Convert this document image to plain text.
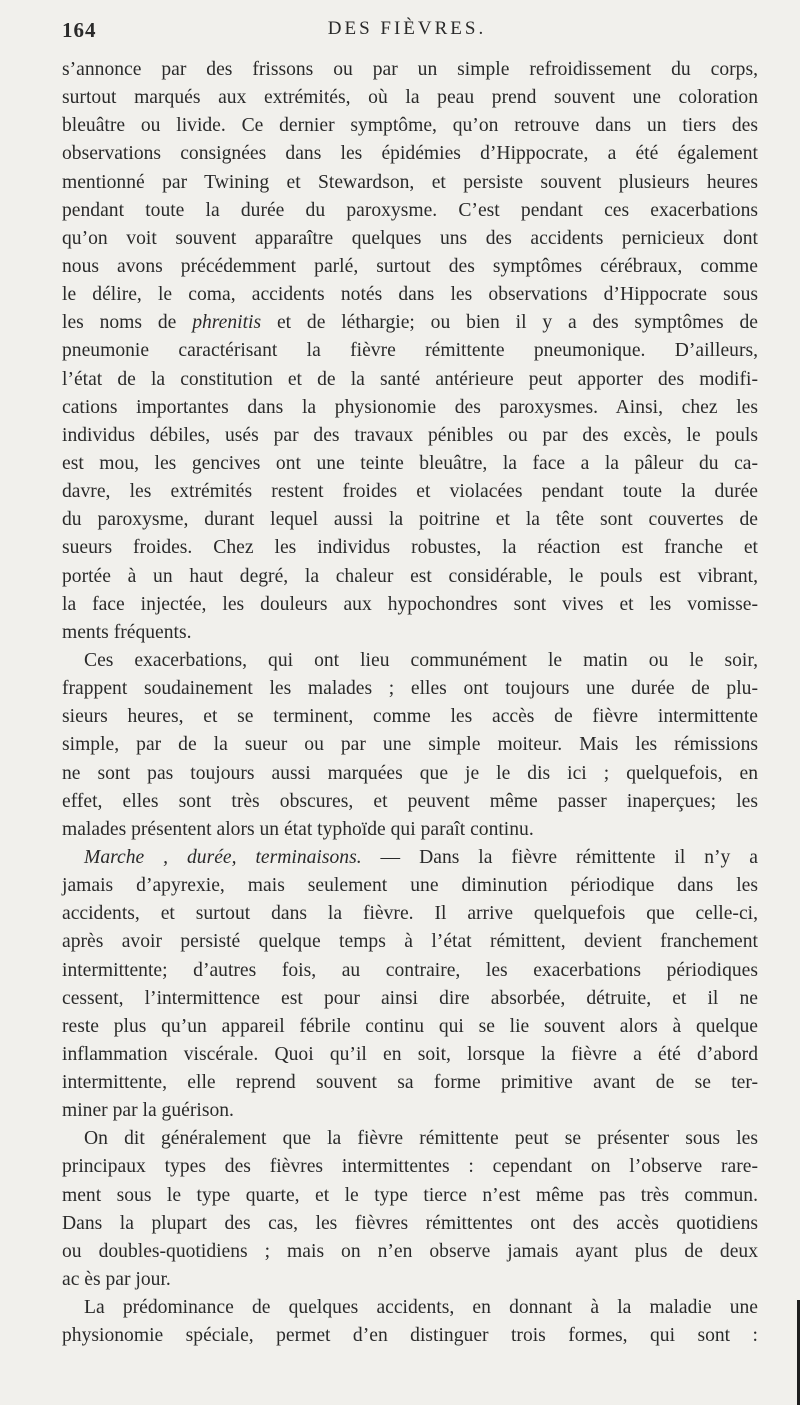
164	DES FIÈVRES.
s’annonce par des frissons ou par un simple refroidissement du corps,
surtout marqués aux extrémités, où la peau prend souvent une coloration
bleuâtre ou livide. Ce dernier symptôme, qu’on retrouve dans un tiers des
observations consignées dans les épidémies d’Hippocrate, a été également
mentionné par Twining et Stewardson, et persiste souvent plusieurs heures
pendant toute la durée du paroxysme. C’est pendant ces exacerbations
qu’on voit souvent apparaître quelques uns des accidents pernicieux dont
nous avons précédemment parlé, surtout des symptômes cérébraux, comme
le délire, le coma, accidents notés dans les observations d’Hippocrate sous
les noms de phrenitis et de léthargie; ou bien il y a des symptômes de
pneumonie caractérisant la fièvre rémittente pneumonique. D’ailleurs,
l’état de la constitution et de la santé antérieure peut apporter des modifi-
cations importantes dans la physionomie des paroxysmes. Ainsi, chez les
individus débiles, usés par des travaux pénibles ou par des excès, le pouls
est mou, les gencives ont une teinte bleuâtre, la face a la pâleur du ca-
davre, les extrémités restent froides et violacées pendant toute la durée
du paroxysme, durant lequel aussi la poitrine et la tête sont couvertes de
sueurs froides. Chez les individus robustes, la réaction est franche et
portée à un haut degré, la chaleur est considérable, le pouls est vibrant,
la face injectée, les douleurs aux hypochondres sont vives et les vomisse-
ments fréquents.
Ces exacerbations, qui ont lieu communément le matin ou le soir,
frappent soudainement les malades ; elles ont toujours une durée de plu-
sieurs heures, et se terminent, comme les accès de fièvre intermittente
simple, par de la sueur ou par une simple moiteur. Mais les rémissions
ne sont pas toujours aussi marquées que je le dis ici ; quelquefois, en
effet, elles sont très obscures, et peuvent même passer inaperçues; les
malades présentent alors un état typhoïde qui paraît continu.
Marche , durée, terminaisons. — Dans la fièvre rémittente il n’y a
jamais d’apyrexie, mais seulement une diminution périodique dans les
accidents, et surtout dans la fièvre. Il arrive quelquefois que celle-ci,
après avoir persisté quelque temps à l’état rémittent, devient franchement
intermittente; d’autres fois, au contraire, les exacerbations périodiques
cessent, l’intermittence est pour ainsi dire absorbée, détruite, et il ne
reste plus qu’un appareil fébrile continu qui se lie souvent alors à quelque
inflammation viscérale. Quoi qu’il en soit, lorsque la fièvre a été d’abord
intermittente, elle reprend souvent sa forme primitive avant de se ter-
miner par la guérison.
On dit généralement que la fièvre rémittente peut se présenter sous les
principaux types des fièvres intermittentes : cependant on l’observe rare-
ment sous le type quarte, et le type tierce n’est même pas très commun.
Dans la plupart des cas, les fièvres rémittentes ont des accès quotidiens
ou doubles-quotidiens ; mais on n’en observe jamais ayant plus de deux
ac ès par jour.
La prédominance de quelques accidents, en donnant à la maladie une
physionomie spéciale, permet d’en distinguer trois formes, qui sont :
